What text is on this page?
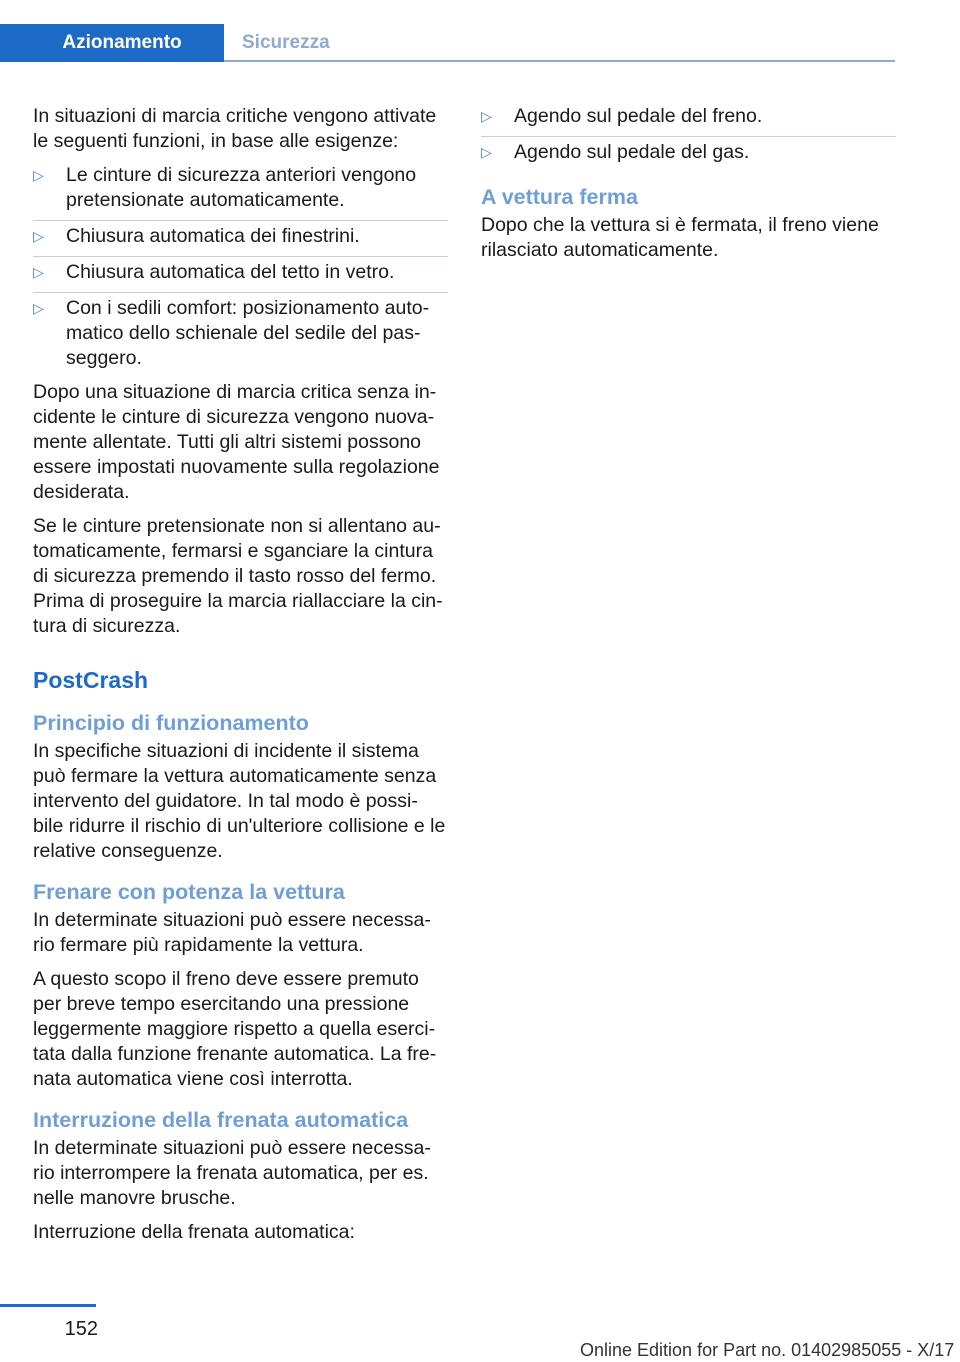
Azionamento	Sicurezza

In situazioni di marcia critiche vengono attivate le seguenti funzioni, in base alle esigenze:

▷ Le cinture di sicurezza anteriori vengono pretensionate automaticamente.
▷ Chiusura automatica dei finestrini.
▷ Chiusura automatica del tetto in vetro.
▷ Con i sedili comfort: posizionamento auto‐matico dello schienale del sedile del pas‐seggero.

Dopo una situazione di marcia critica senza in‐cidente le cinture di sicurezza vengono nuova‐mente allentate. Tutti gli altri sistemi possono essere impostati nuovamente sulla regolazione desiderata.

Se le cinture pretensionate non si allentano au‐tomaticamente, fermarsi e sganciare la cintura di sicurezza premendo il tasto rosso del fermo. Prima di proseguire la marcia riallacciare la cin‐tura di sicurezza.

PostCrash
Principio di funzionamento

In specifiche situazioni di incidente il sistema può fermare la vettura automaticamente senza intervento del guidatore. In tal modo è possi‐bile ridurre il rischio di un'ulteriore collisione e le relative conseguenze.

Frenare con potenza la vettura

In determinate situazioni può essere necessa‐rio fermare più rapidamente la vettura.

A questo scopo il freno deve essere premuto per breve tempo esercitando una pressione leggermente maggiore rispetto a quella eserci‐tata dalla funzione frenante automatica. La fre‐nata automatica viene così interrotta.

Interruzione della frenata automatica

In determinate situazioni può essere necessa‐rio interrompere la frenata automatica, per es. nelle manovre brusche.

Interruzione della frenata automatica:

▷ Agendo sul pedale del freno.
▷ Agendo sul pedale del gas.
A vettura ferma

Dopo che la vettura si è fermata, il freno viene rilasciato automaticamente.

152
Online Edition for Part no. 01402985055 - X/17
